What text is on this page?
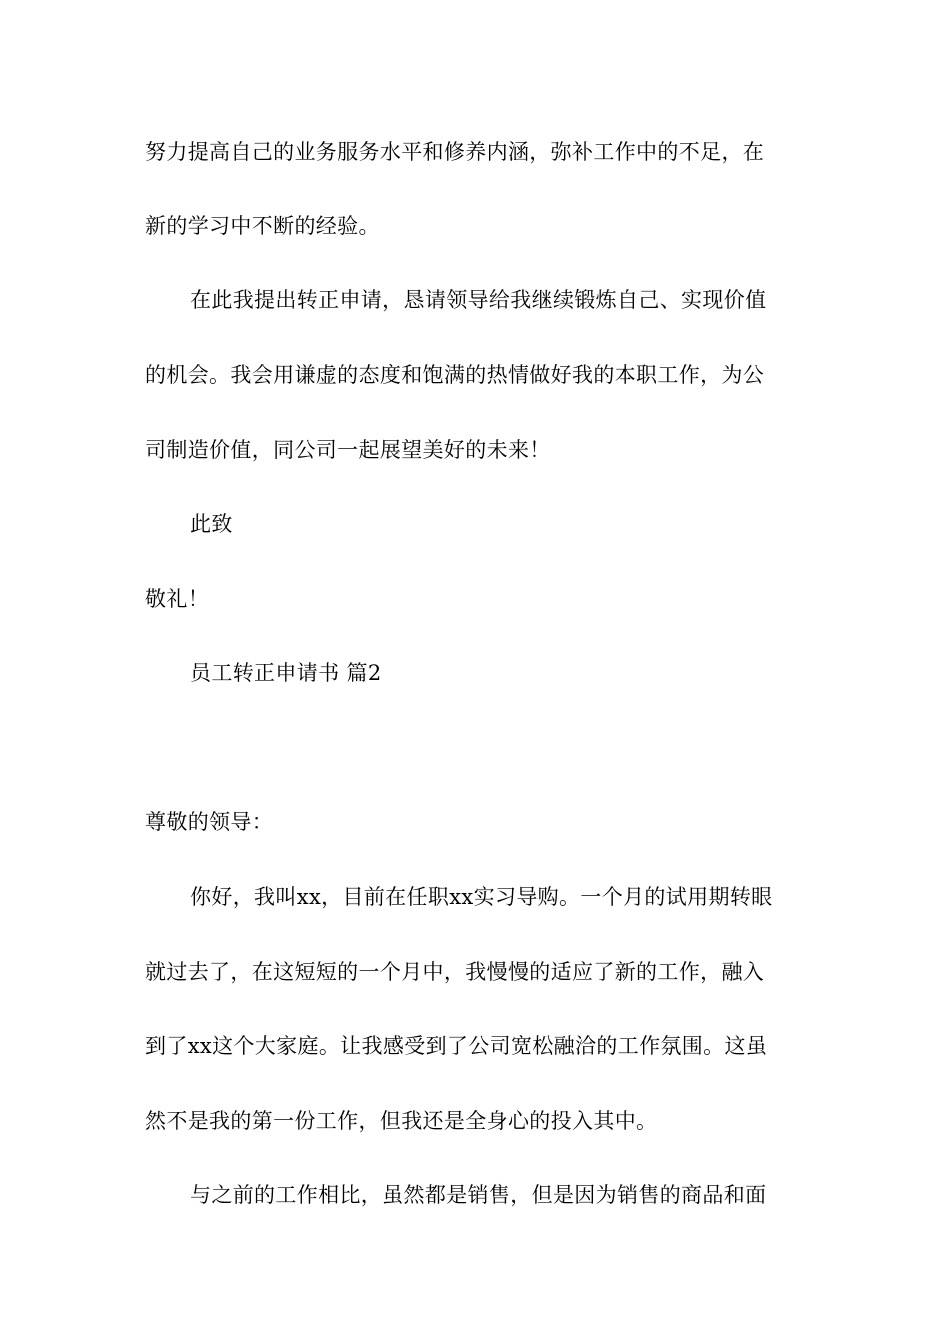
努力提高自己的业务服务水平和修养内涵，弥补工作中的不足，在
新的学习中不断的经验。
在此我提出转正申请，恳请领导给我继续锻炼自己、实现价值
的机会。我会用谦虚的态度和饱满的热情做好我的本职工作，为公
司制造价值，同公司一起展望美好的未来！
此致
敬礼！
员工转正申请书 篇2
尊敬的领导：
你好，我叫xx，目前在任职xx实习导购。一个月的试用期转眼
就过去了，在这短短的一个月中，我慢慢的适应了新的工作，融入
到了xx这个大家庭。让我感受到了公司宽松融洽的工作氛围。这虽
然不是我的第一份工作，但我还是全身心的投入其中。
与之前的工作相比，虽然都是销售，但是因为销售的商品和面
